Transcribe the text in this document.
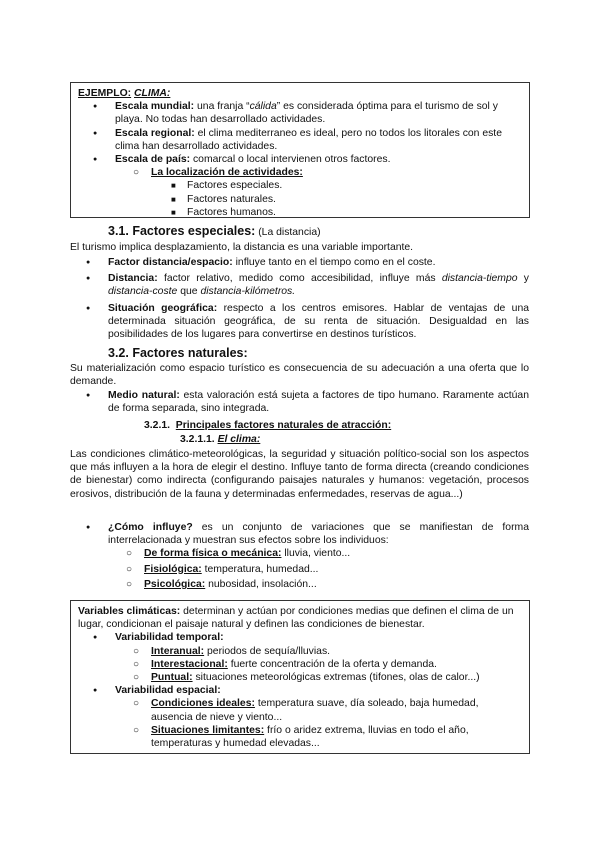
EJEMPLO: CLIMA:

● Escala mundial: una franja “cálida” es considerada óptima para el turismo de sol y playa. No todas han desarrollado actividades.

● Escala regional: el clima mediterraneo es ideal, pero no todos los litorales con este clima han desarrollado actividades.

● Escala de país: comarcal o local intervienen otros factores.

○ La localización de actividades:

■ Factores especiales.

■ Factores naturales.

■ Factores humanos.

3.1. Factores especiales: (La distancia)

El turismo implica desplazamiento, la distancia es una variable importante.

● Factor distancia/espacio: influye tanto en el tiempo como en el coste.

● Distancia: factor relativo, medido como accesibilidad, influye más distancia-tiempo y distancia-coste que distancia-kilómetros.

● Situación geográfica: respecto a los centros emisores. Hablar de ventajas de una determinada situación geográfica, de su renta de situación. Desigualdad en las posibilidades de los lugares para convertirse en destinos turísticos.

3.2. Factores naturales:

Su materialización como espacio turístico es consecuencia de su adecuación a una oferta que lo demande.

● Medio natural: esta valoración está sujeta a factores de tipo humano. Raramente actúan de forma separada, sino integrada.

3.2.1. Principales factores naturales de atracción:

3.2.1.1. El clima:

Las condiciones climático-meteorológicas, la seguridad y situación político-social son los aspectos que más influyen a la hora de elegir el destino. Influye tanto de forma directa (creando condiciones de bienestar) como indirecta (configurando paisajes naturales y humanos: vegetación, procesos erosivos, distribución de la fauna y determinadas enfermedades, reservas de agua...)

● ¿Cómo influye? es un conjunto de variaciones que se manifiestan de forma interrelacionada y muestran sus efectos sobre los individuos:

○ De forma física o mecánica: lluvia, viento...

○ Fisiológica: temperatura, humedad...

○ Psicológica: nubosidad, insolación...

Variables climáticas: determinan y actúan por condiciones medias que definen el clima de un lugar, condicionan el paisaje natural y definen las condiciones de bienestar.

● Variabilidad temporal:

○ Interanual: periodos de sequía/lluvias.

○ Interestacional: fuerte concentración de la oferta y demanda.

○ Puntual: situaciones meteorológicas extremas (tifones, olas de calor...)

● Variabilidad espacial:

○ Condiciones ideales: temperatura suave, día soleado, baja humedad, ausencia de nieve y viento...

○ Situaciones limitantes: frío o aridez extrema, lluvias en todo el año, temperaturas y humedad elevadas...
